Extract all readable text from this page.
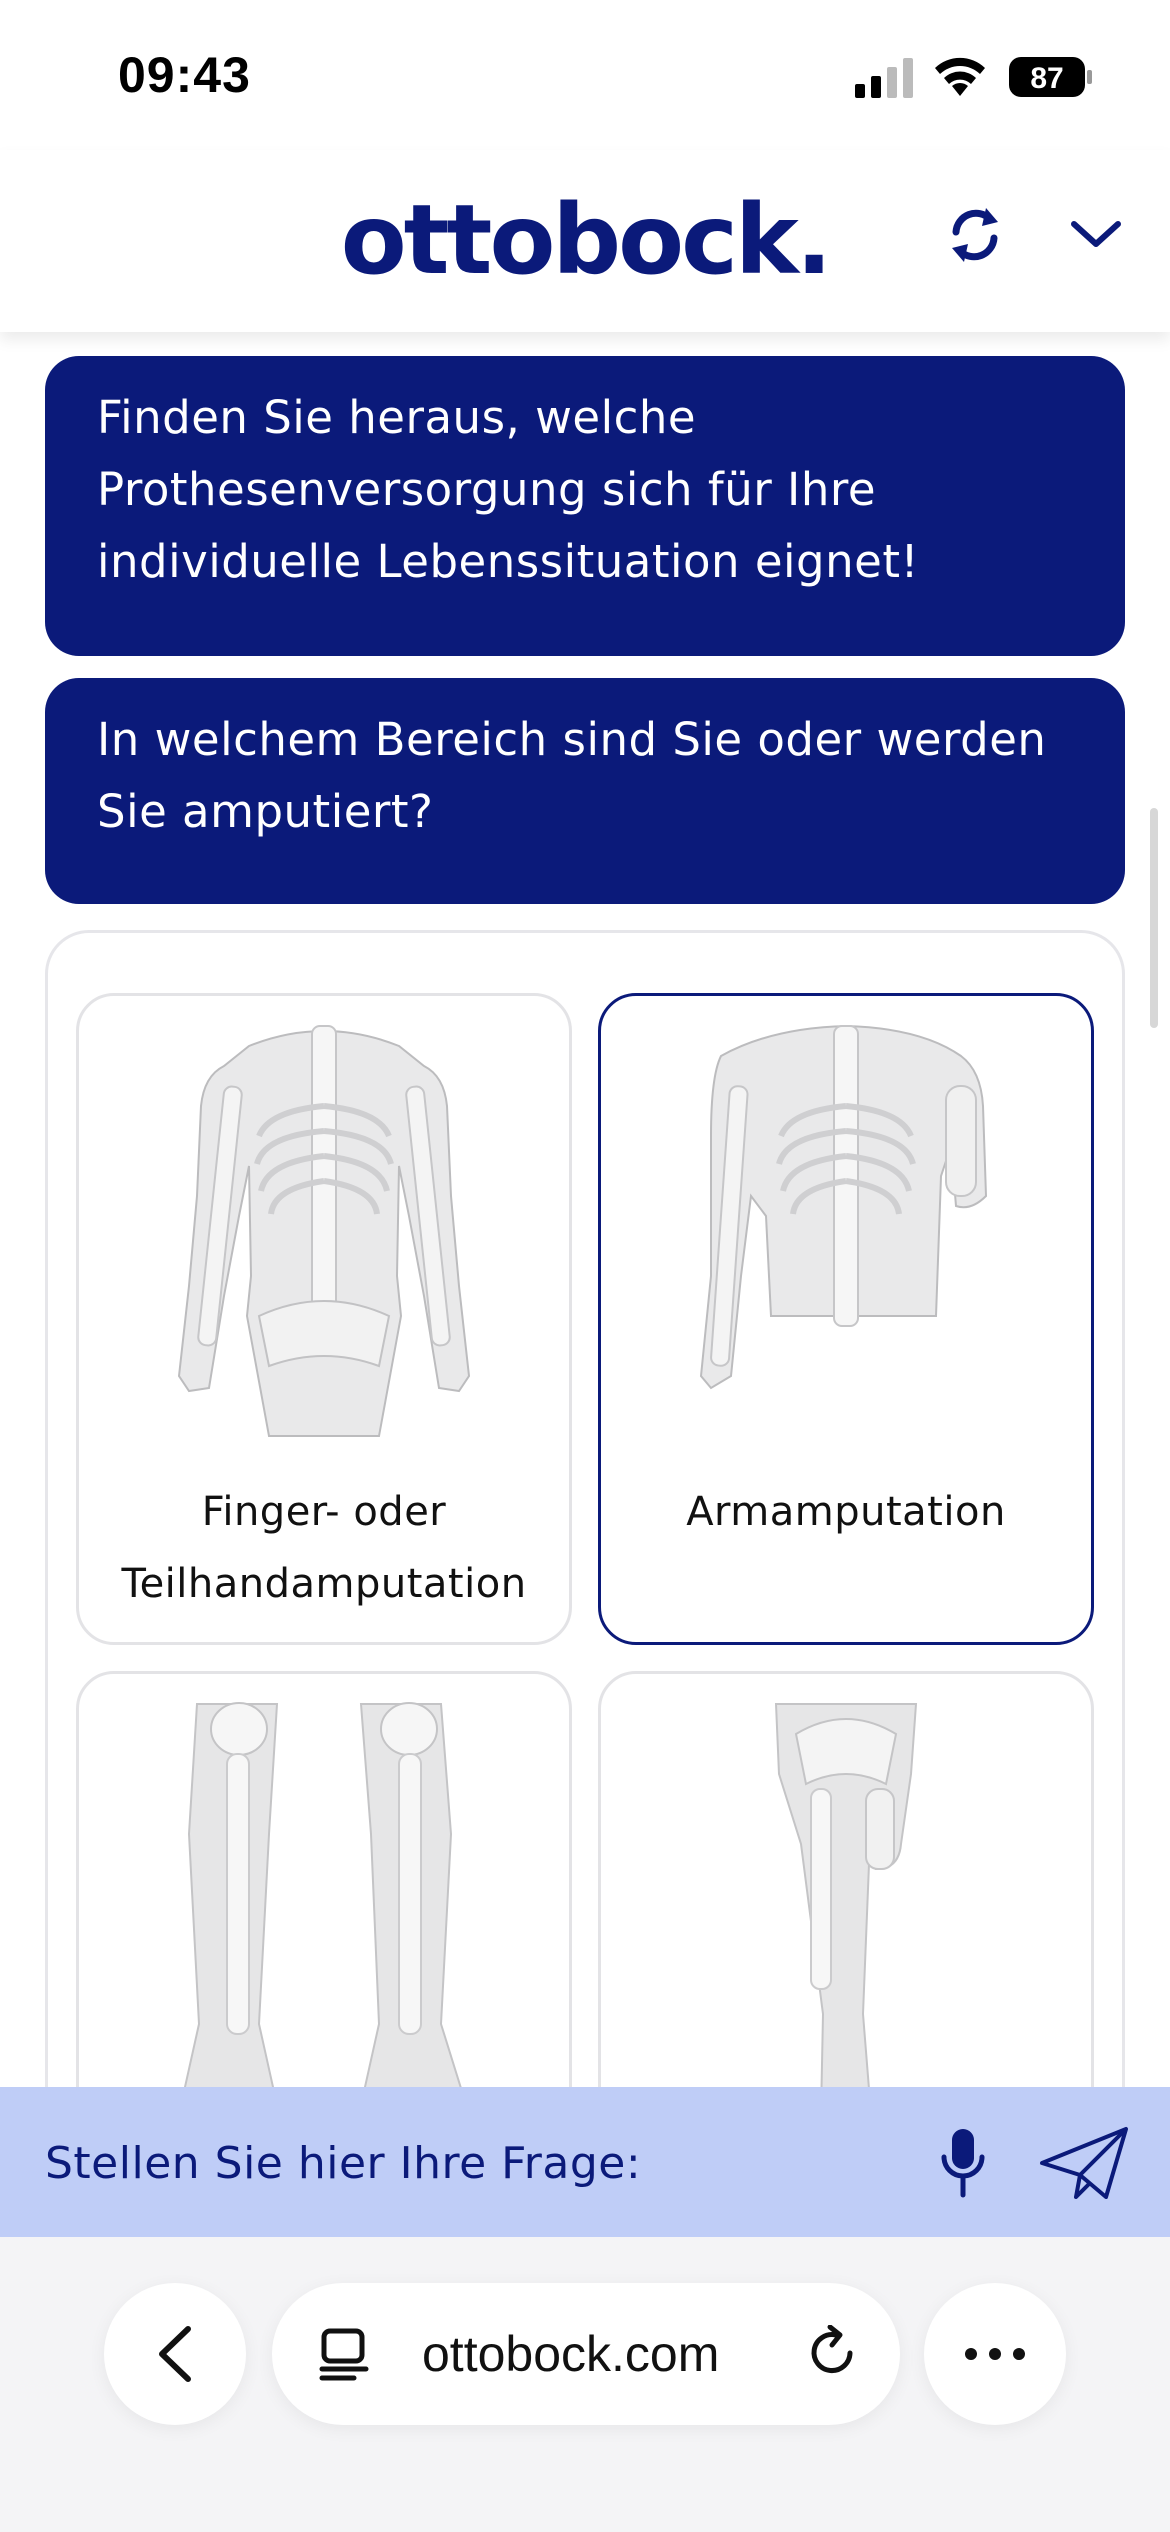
09:43	87
ottobock.
Finden Sie heraus, welche Prothesenversorgung sich für Ihre individuelle Lebenssituation eignet!
In welchem Bereich sind Sie oder werden Sie amputiert?
Finger- oder Teilhandamputation
Armamputation
Stellen Sie hier Ihre Frage:
ottobock.com
